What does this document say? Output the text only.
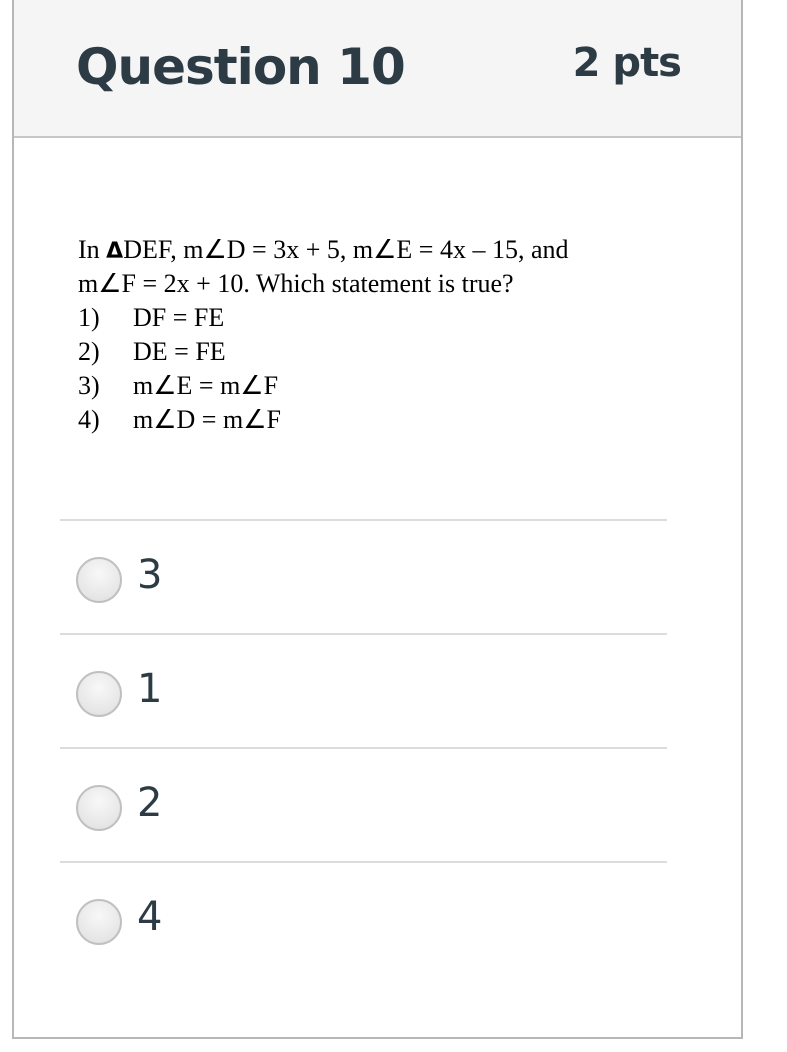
Question 10	2 pts
In ΔDEF, m∠D = 3x + 5, m∠E = 4x – 15, and
m∠F = 2x + 10. Which statement is true?
1) DF = FE
2) DE = FE
3) m∠E = m∠F
4) m∠D = m∠F
3
1
2
4
